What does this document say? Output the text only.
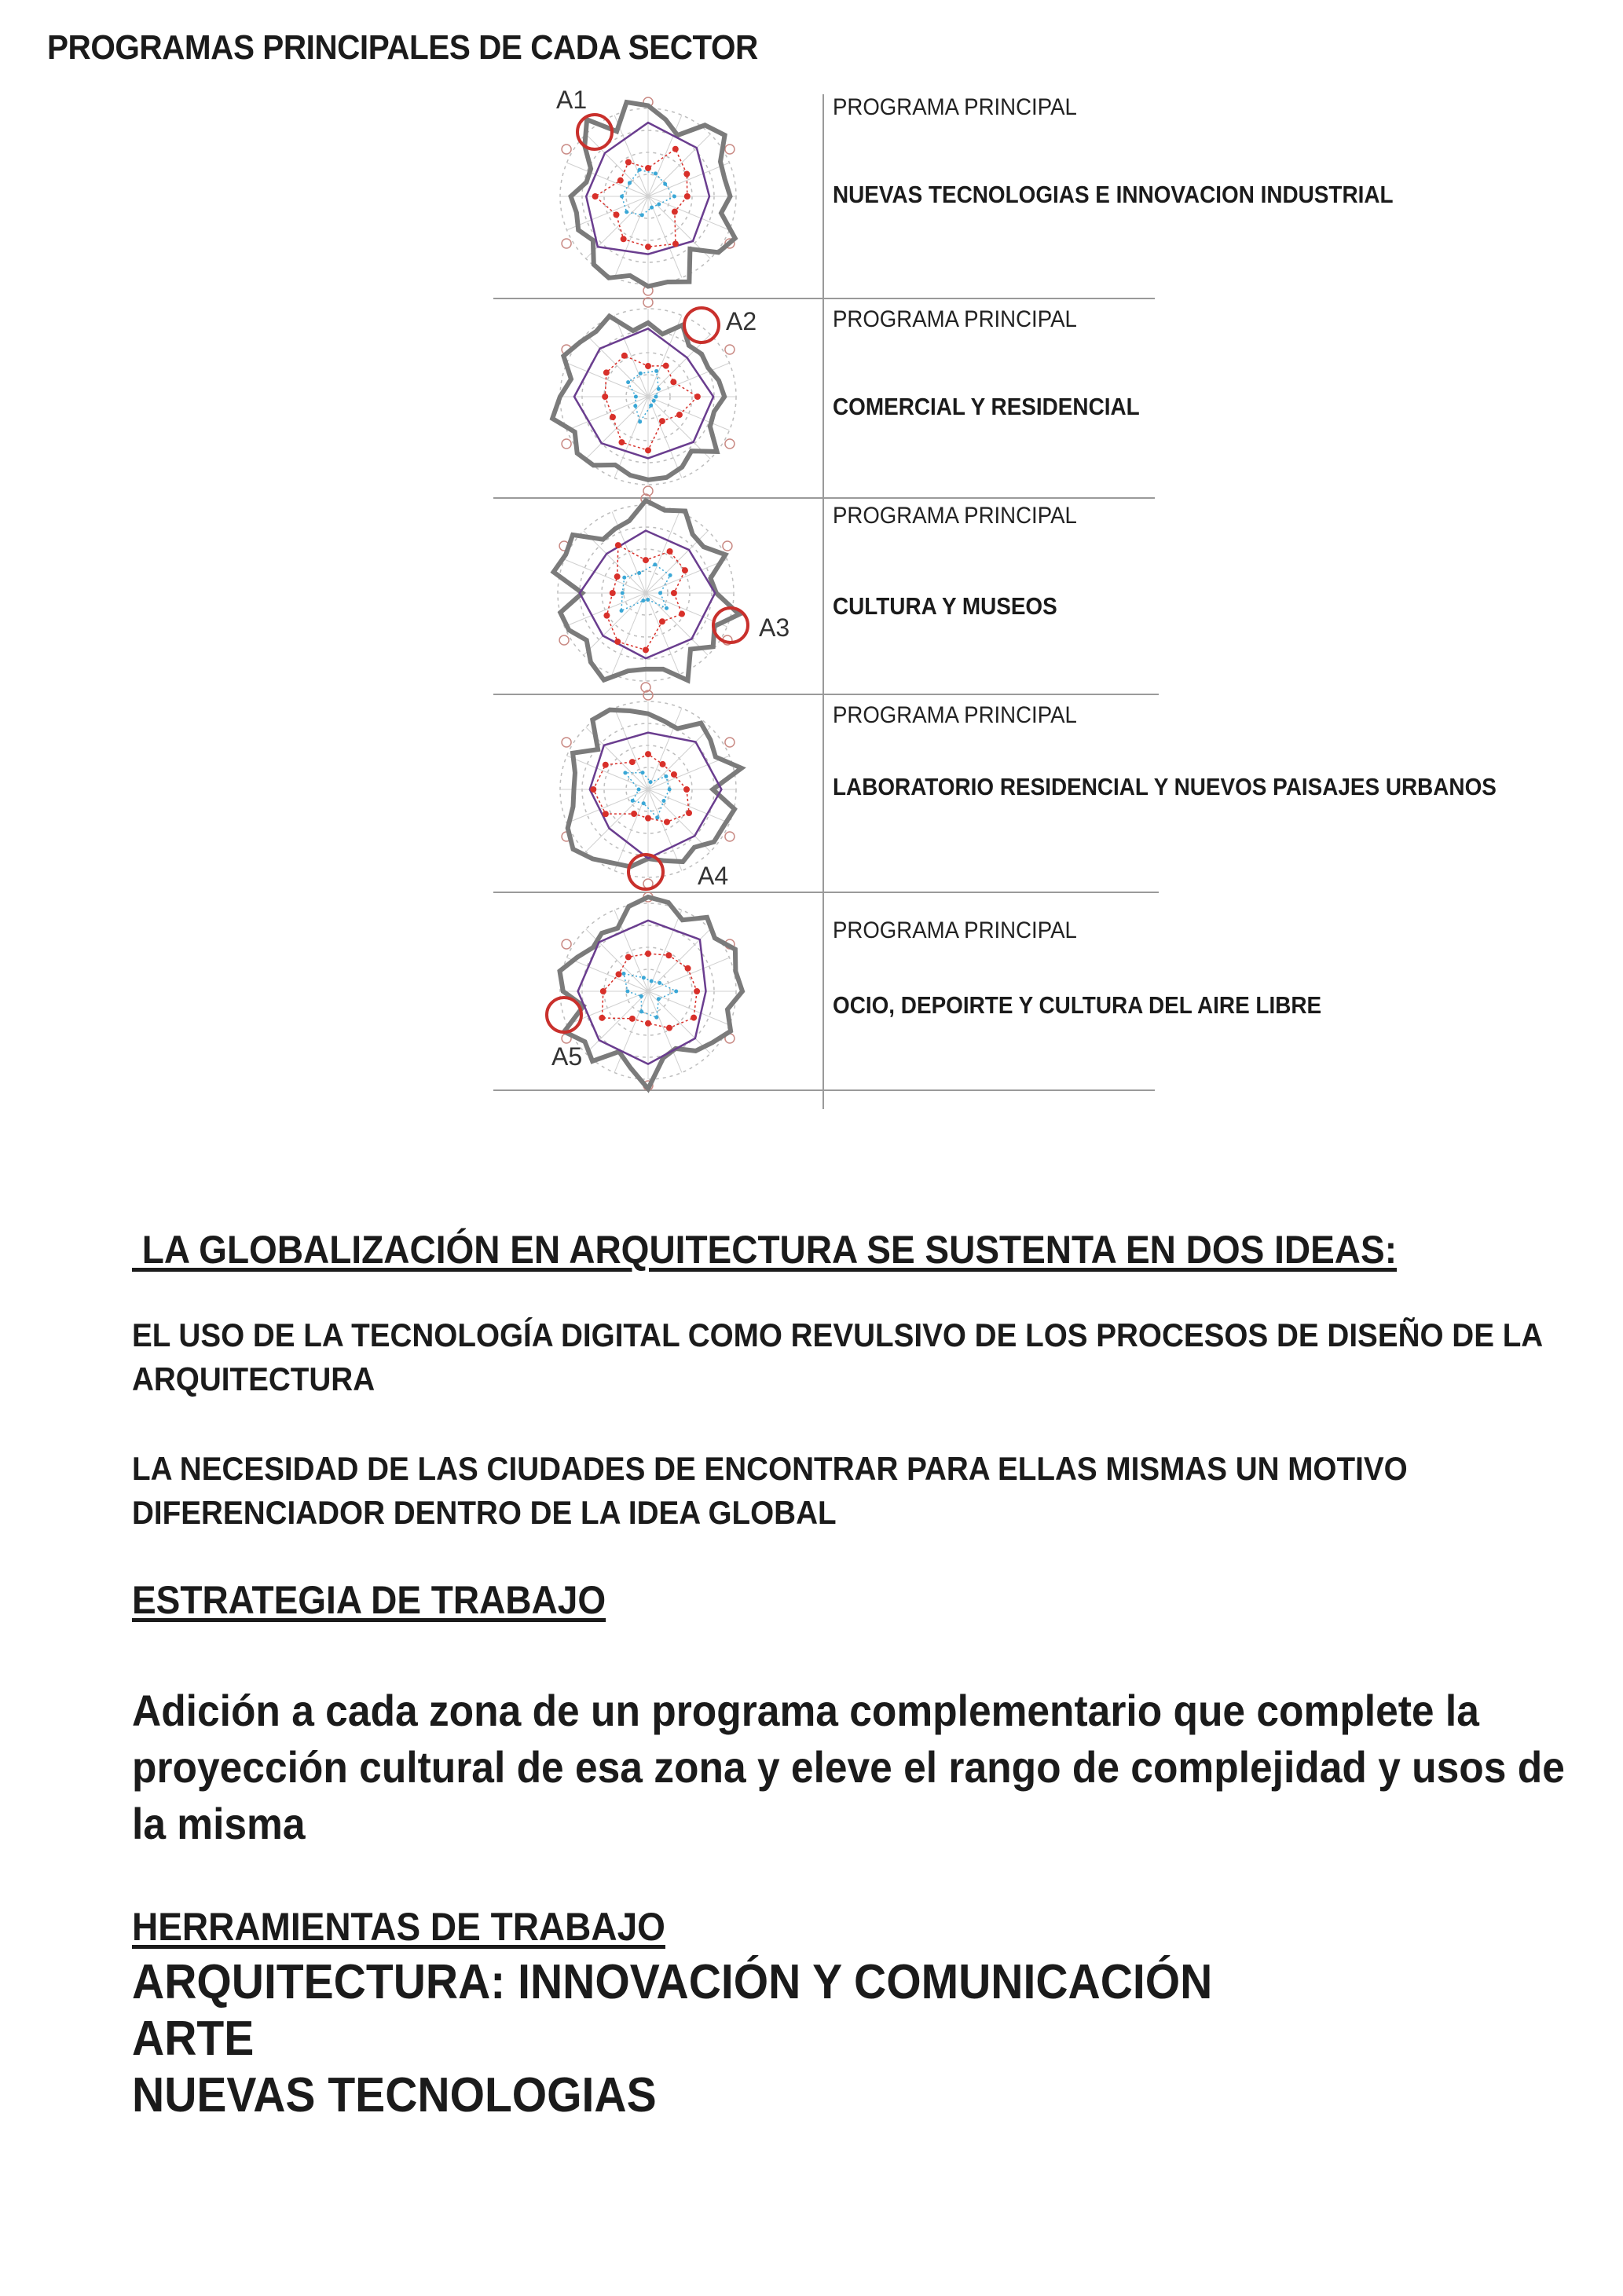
PROGRAMAS PRINCIPALES DE CADA SECTOR
A1
A2
A3
A4
A5
PROGRAMA PRINCIPAL
NUEVAS TECNOLOGIAS E INNOVACION INDUSTRIAL
PROGRAMA PRINCIPAL
COMERCIAL Y RESIDENCIAL
PROGRAMA PRINCIPAL
CULTURA Y MUSEOS
PROGRAMA PRINCIPAL
LABORATORIO RESIDENCIAL Y NUEVOS PAISAJES URBANOS
PROGRAMA PRINCIPAL
OCIO, DEPOIRTE Y CULTURA DEL AIRE LIBRE
LA GLOBALIZACIÓN EN ARQUITECTURA SE SUSTENTA EN DOS IDEAS:
EL USO DE LA TECNOLOGÍA DIGITAL COMO REVULSIVO DE LOS PROCESOS DE DISEÑO DE LA ARQUITECTURA
LA NECESIDAD DE LAS CIUDADES DE ENCONTRAR PARA ELLAS MISMAS UN MOTIVO DIFERENCIADOR DENTRO DE LA IDEA GLOBAL
ESTRATEGIA DE TRABAJO
Adición a cada zona de un programa complementario que complete la proyección cultural de esa zona y eleve el rango de complejidad y usos de la misma
HERRAMIENTAS DE TRABAJO
ARQUITECTURA: INNOVACIÓN Y COMUNICACIÓN
ARTE
NUEVAS TECNOLOGIAS
